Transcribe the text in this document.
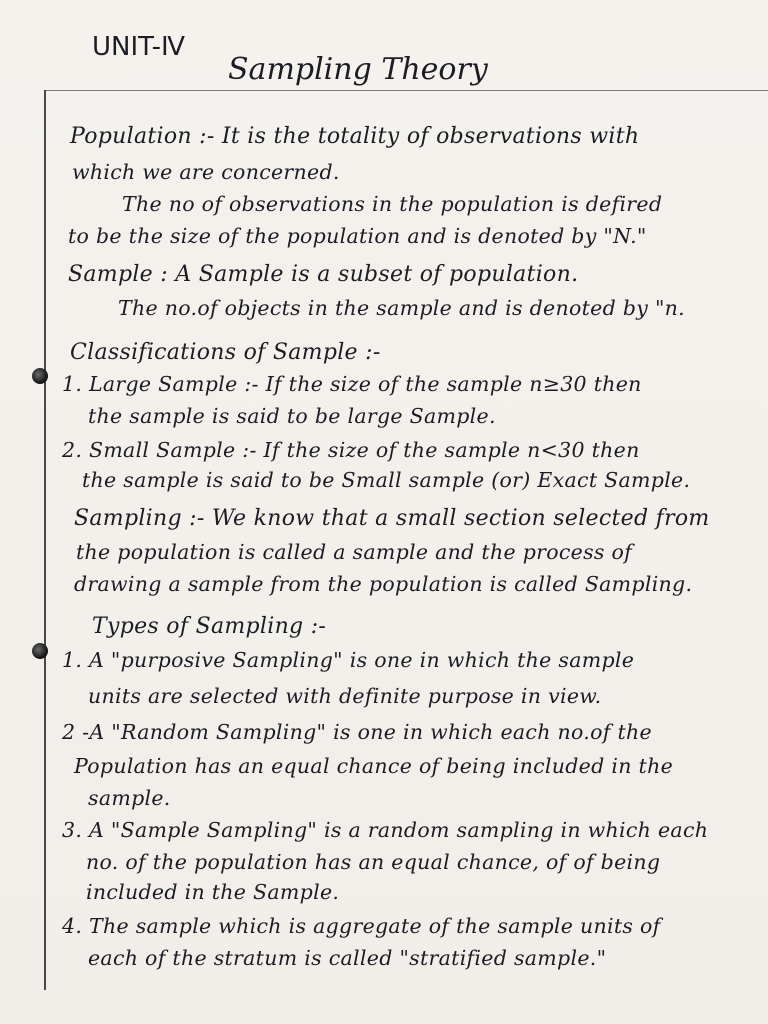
UNIT-Ⅳ
Sampling Theory
Population :- It is the totality of observations with
which we are concerned.
The no of observations in the population is defired
to be the size of the population and is denoted by "N."
Sample : A Sample is a subset of population.
The no.of objects in the sample and is denoted by "n.
Classifications of Sample :-
1. Large Sample :- If the size of the sample n≥30 then
the sample is said to be large Sample.
2. Small Sample :- If the size of the sample n<30 then
the sample is said to be Small sample (or) Exact Sample.
Sampling :- We know that a small section selected from
the population is called a sample and the process of
drawing a sample from the population is called Sampling.
Types of Sampling :-
1. A "purposive Sampling" is one in which the sample
units are selected with definite purpose in view.
2 -A "Random Sampling" is one in which each no.of the
Population has an equal chance of being included in the
sample.
3. A "Sample Sampling" is a random sampling in which each
no. of the population has an equal chance, of of being
included in the Sample.
4. The sample which is aggregate of the sample units of
each of the stratum is called "stratified sample."
